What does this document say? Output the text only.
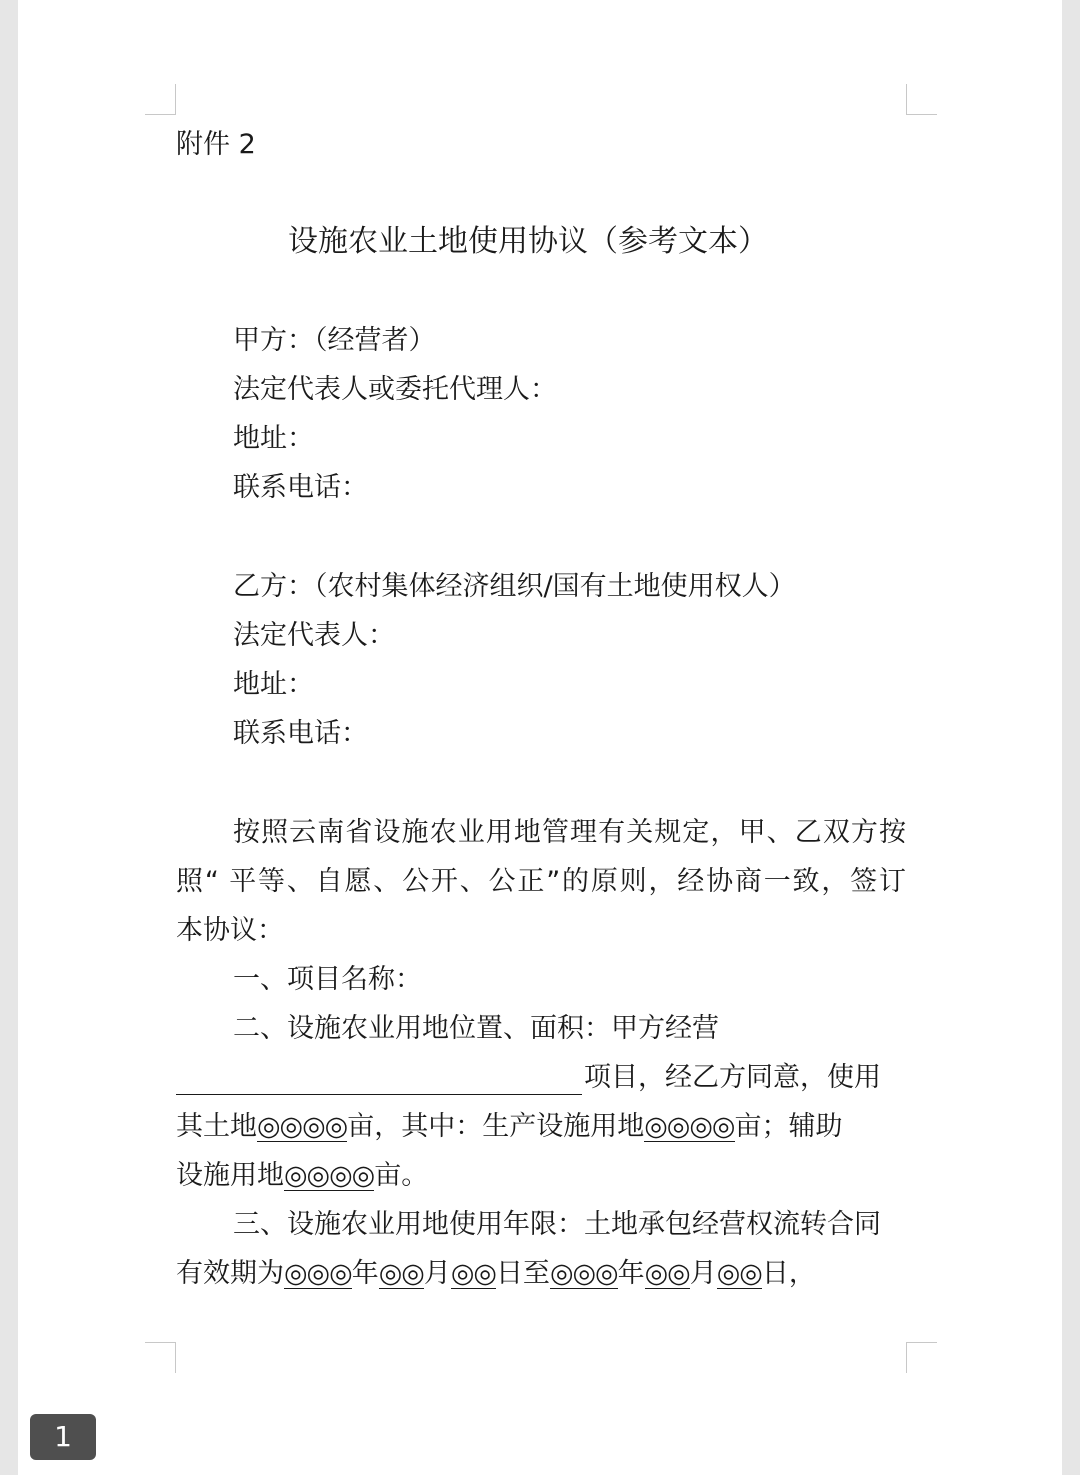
附件 2
设施农业土地使用协议（参考文本）
甲方：（经营者）
法定代表人或委托代理人：
地址：
联系电话：
乙方：（农村集体经济组织/国有土地使用权人）
法定代表人：
地址：
联系电话：
按照云南省设施农业用地管理有关规定，甲、乙双方按
照“ 平等、自愿、公开、公正”的原则，经协商一致，签订
本协议：
一、项目名称：
二、设施农业用地位置、面积：甲方经营
项目，经乙方同意，使用
其土地◎◎◎◎亩，其中：生产设施用地◎◎◎◎亩；辅助
设施用地◎◎◎◎亩。
三、设施农业用地使用年限：土地承包经营权流转合同
有效期为◎◎◎年◎◎月◎◎日至◎◎◎年◎◎月◎◎日，
1
